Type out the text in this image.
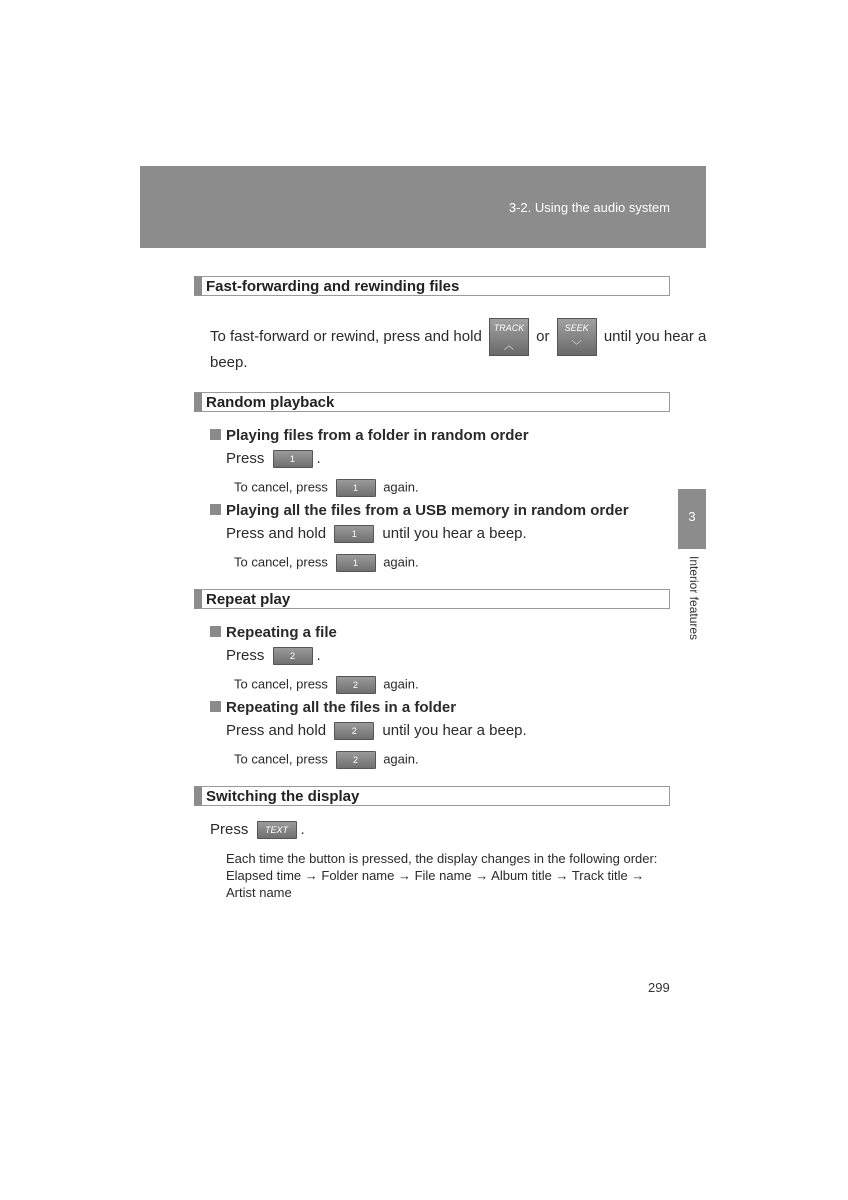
3-2. Using the audio system
3
Interior features
Fast-forwarding and rewinding files
To fast-forward or rewind, press and hold	TRACK
︿
or	SEEK
﹀
until you hear a
beep.
Random playback
Playing files from a folder in random order
Press	1 .
To cancel, press	1 again.
Playing all the files from a USB memory in random order
Press and hold	1 until you hear a beep.
To cancel, press	1 again.
Repeat play
Repeating a file
Press	2 .
To cancel, press	2 again.
Repeating all the files in a folder
Press and hold	2 until you hear a beep.
To cancel, press	2 again.
Switching the display
Press TEXT .
Each time the button is pressed, the display changes in the following order: Elapsed time → Folder name → File name → Album title → Track title → Artist name
299
